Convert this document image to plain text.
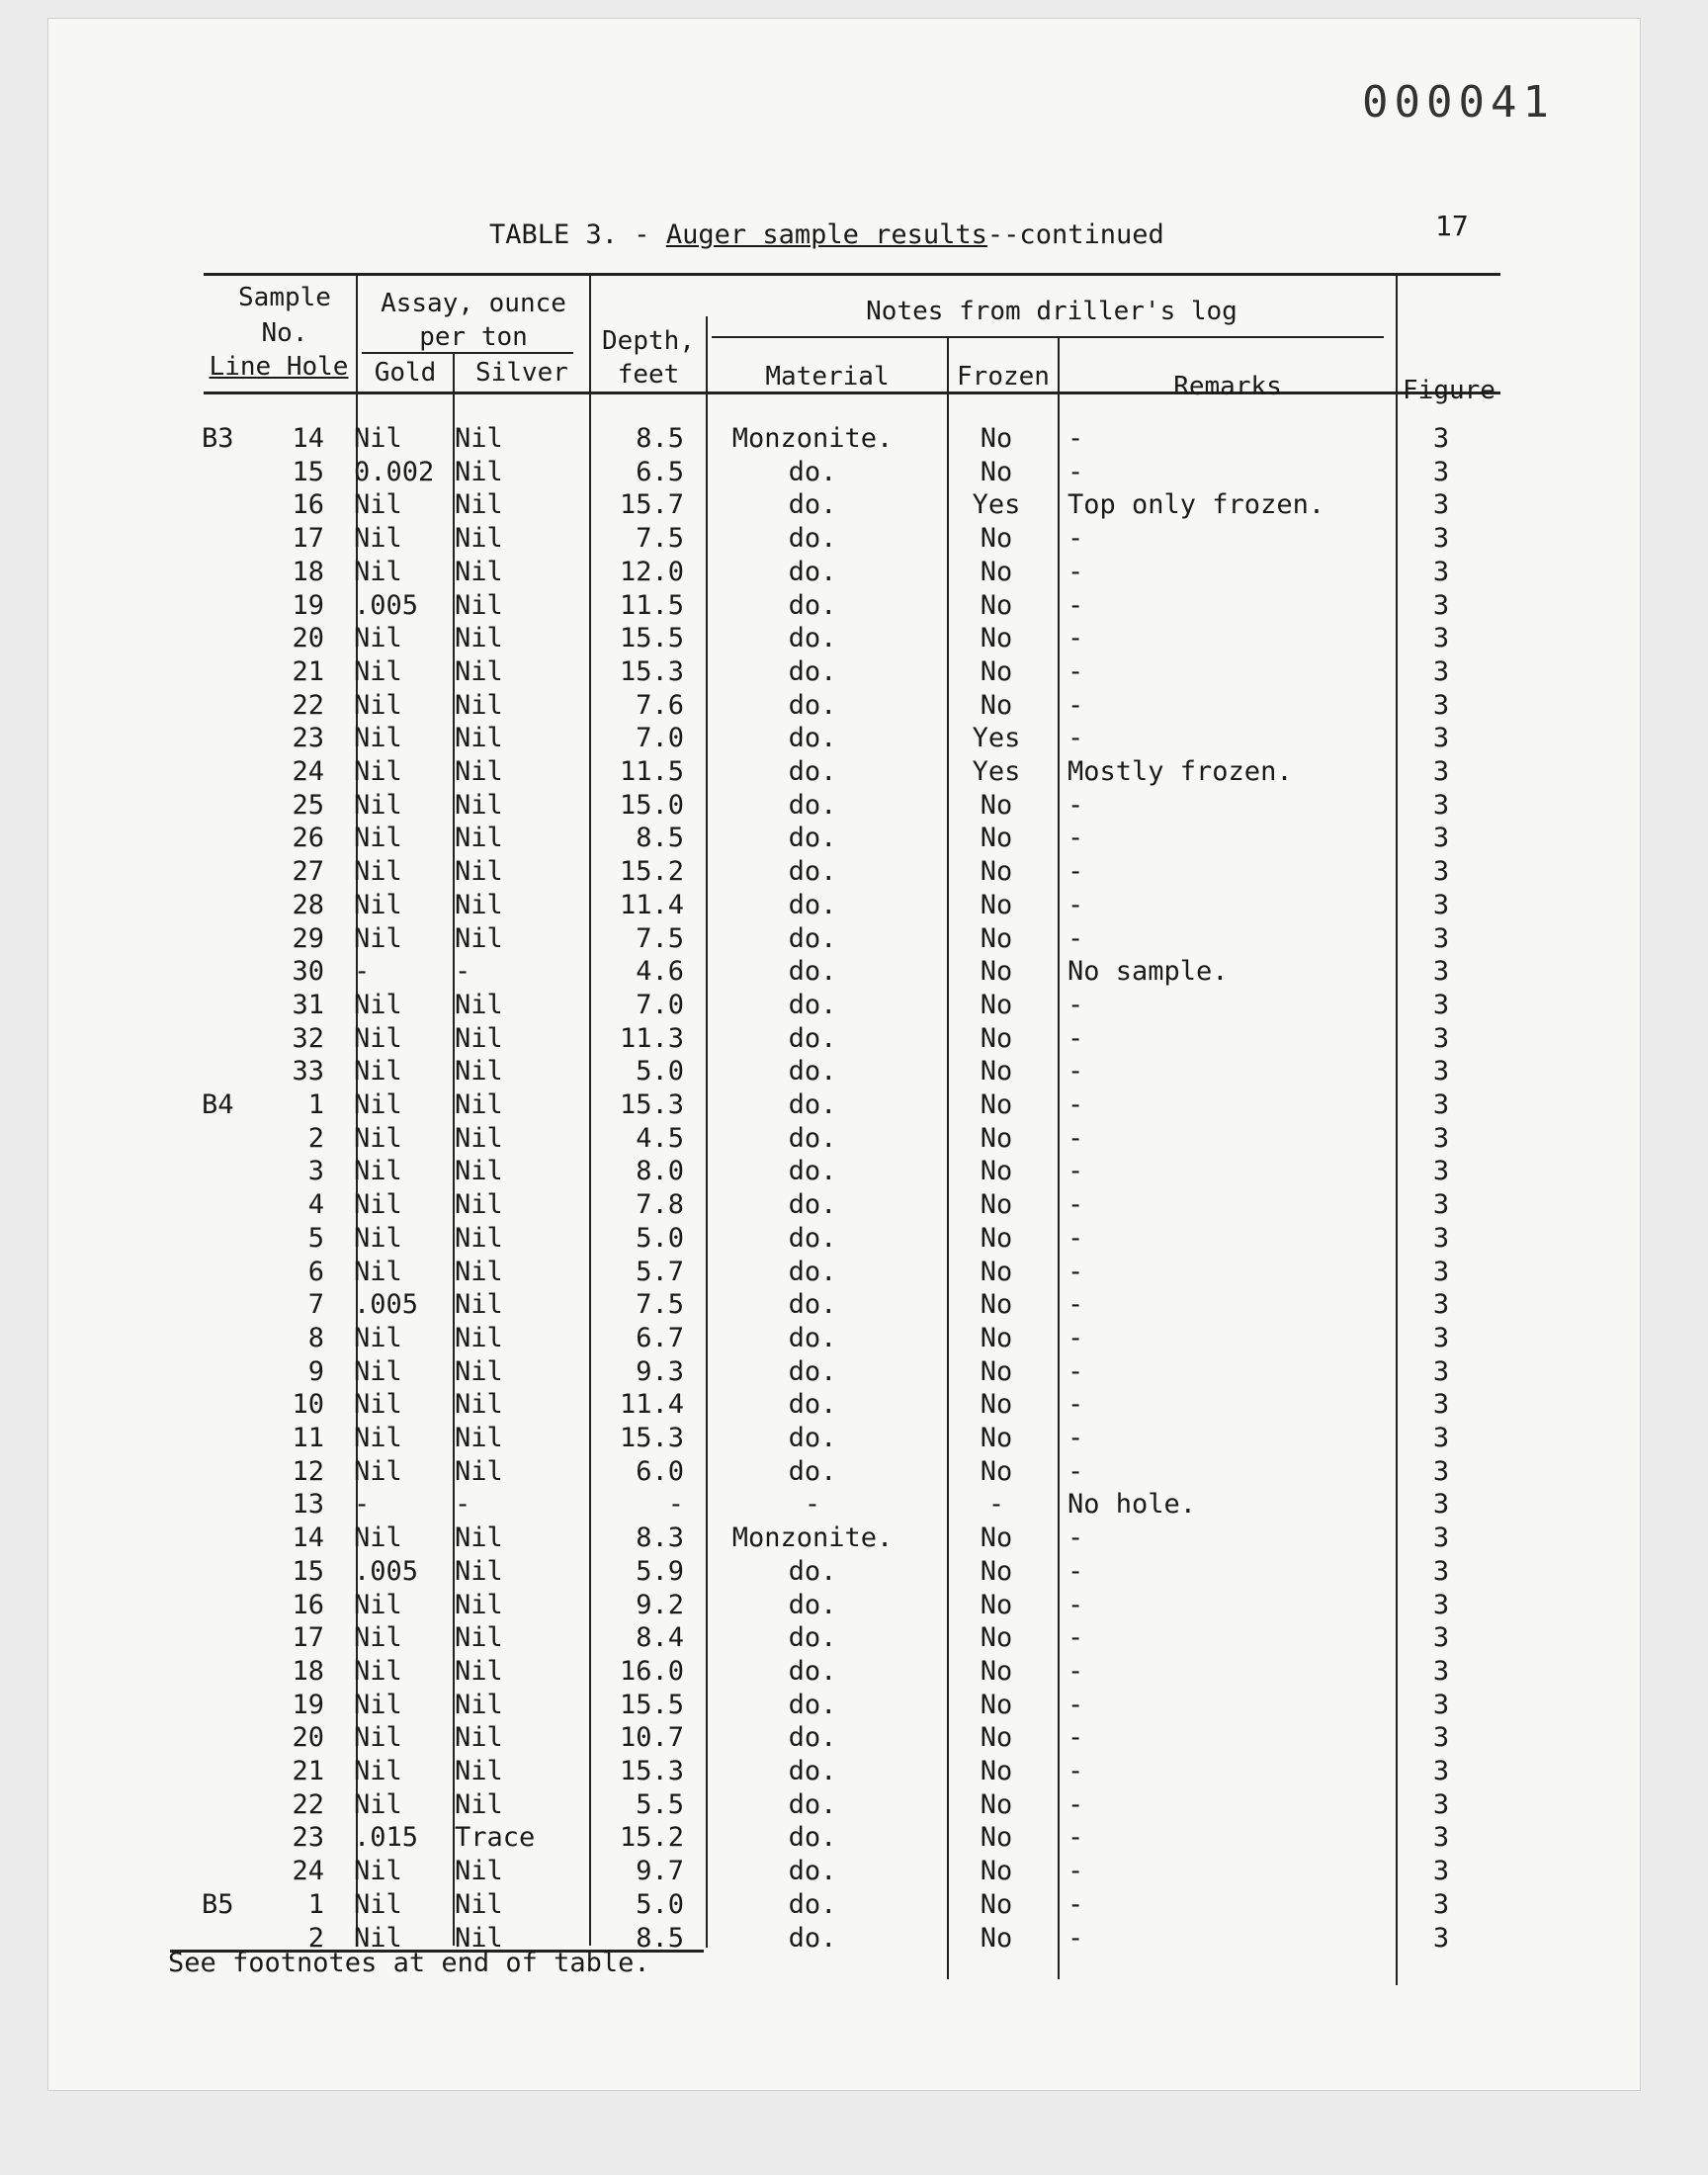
000041
17
TABLE 3. - Auger sample results--continued
Sample
No.
Line Hole
Assay, ounce
per ton
Gold	Silver
Notes from driller's log
Depth,
feet	Material	Frozen	Remarks	Figure
B3	14 Nil	Nil	8.5	Monzonite.	No	-	3
15 0.002 Nil	6.5	do.	No	-	3
16 Nil	Nil	15.7	do.	Yes	Top only frozen.	3
17 Nil	Nil	7.5	do.	No	-	3
18 Nil	Nil	12.0	do.	No	-	3
19 .005	Nil	11.5	do.	No	-	3
20 Nil	Nil	15.5	do.	No	-	3
21 Nil	Nil	15.3	do.	No	-	3
22 Nil	Nil	7.6	do.	No	-	3
23 Nil	Nil	7.0	do.	Yes	-	3
24 Nil	Nil	11.5	do.	Yes	Mostly frozen.	3
25 Nil	Nil	15.0	do.	No	-	3
26 Nil	Nil	8.5	do.	No	-	3
27 Nil	Nil	15.2	do.	No	-	3
28 Nil	Nil	11.4	do.	No	-	3
29 Nil	Nil	7.5	do.	No	-	3
30 -	-	4.6	do.	No	No sample.	3
31 Nil	Nil	7.0	do.	No	-	3
32 Nil	Nil	11.3	do.	No	-	3
33 Nil	Nil	5.0	do.	No	-	3
B4	1 Nil	Nil	15.3	do.	No	-	3
2 Nil	Nil	4.5	do.	No	-	3
3 Nil	Nil	8.0	do.	No	-	3
4 Nil	Nil	7.8	do.	No	-	3
5 Nil	Nil	5.0	do.	No	-	3
6 Nil	Nil	5.7	do.	No	-	3
7 .005	Nil	7.5	do.	No	-	3
8 Nil	Nil	6.7	do.	No	-	3
9 Nil	Nil	9.3	do.	No	-	3
10 Nil	Nil	11.4	do.	No	-	3
11 Nil	Nil	15.3	do.	No	-	3
12 Nil	Nil	6.0	do.	No	-	3
13 -	-	-	-	-	No hole.	3
14 Nil	Nil	8.3	Monzonite.	No	-	3
15 .005	Nil	5.9	do.	No	-	3
16 Nil	Nil	9.2	do.	No	-	3
17 Nil	Nil	8.4	do.	No	-	3
18 Nil	Nil	16.0	do.	No	-	3
19 Nil	Nil	15.5	do.	No	-	3
20 Nil	Nil	10.7	do.	No	-	3
21 Nil	Nil	15.3	do.	No	-	3
22 Nil	Nil	5.5	do.	No	-	3
23 .015	Trace	15.2	do.	No	-	3
24 Nil	Nil	9.7	do.	No	-	3
B5	1 Nil	Nil	5.0	do.	No	-	3
2 Nil	Nil	8.5	do.	No	-	3
See footnotes at end of table.
